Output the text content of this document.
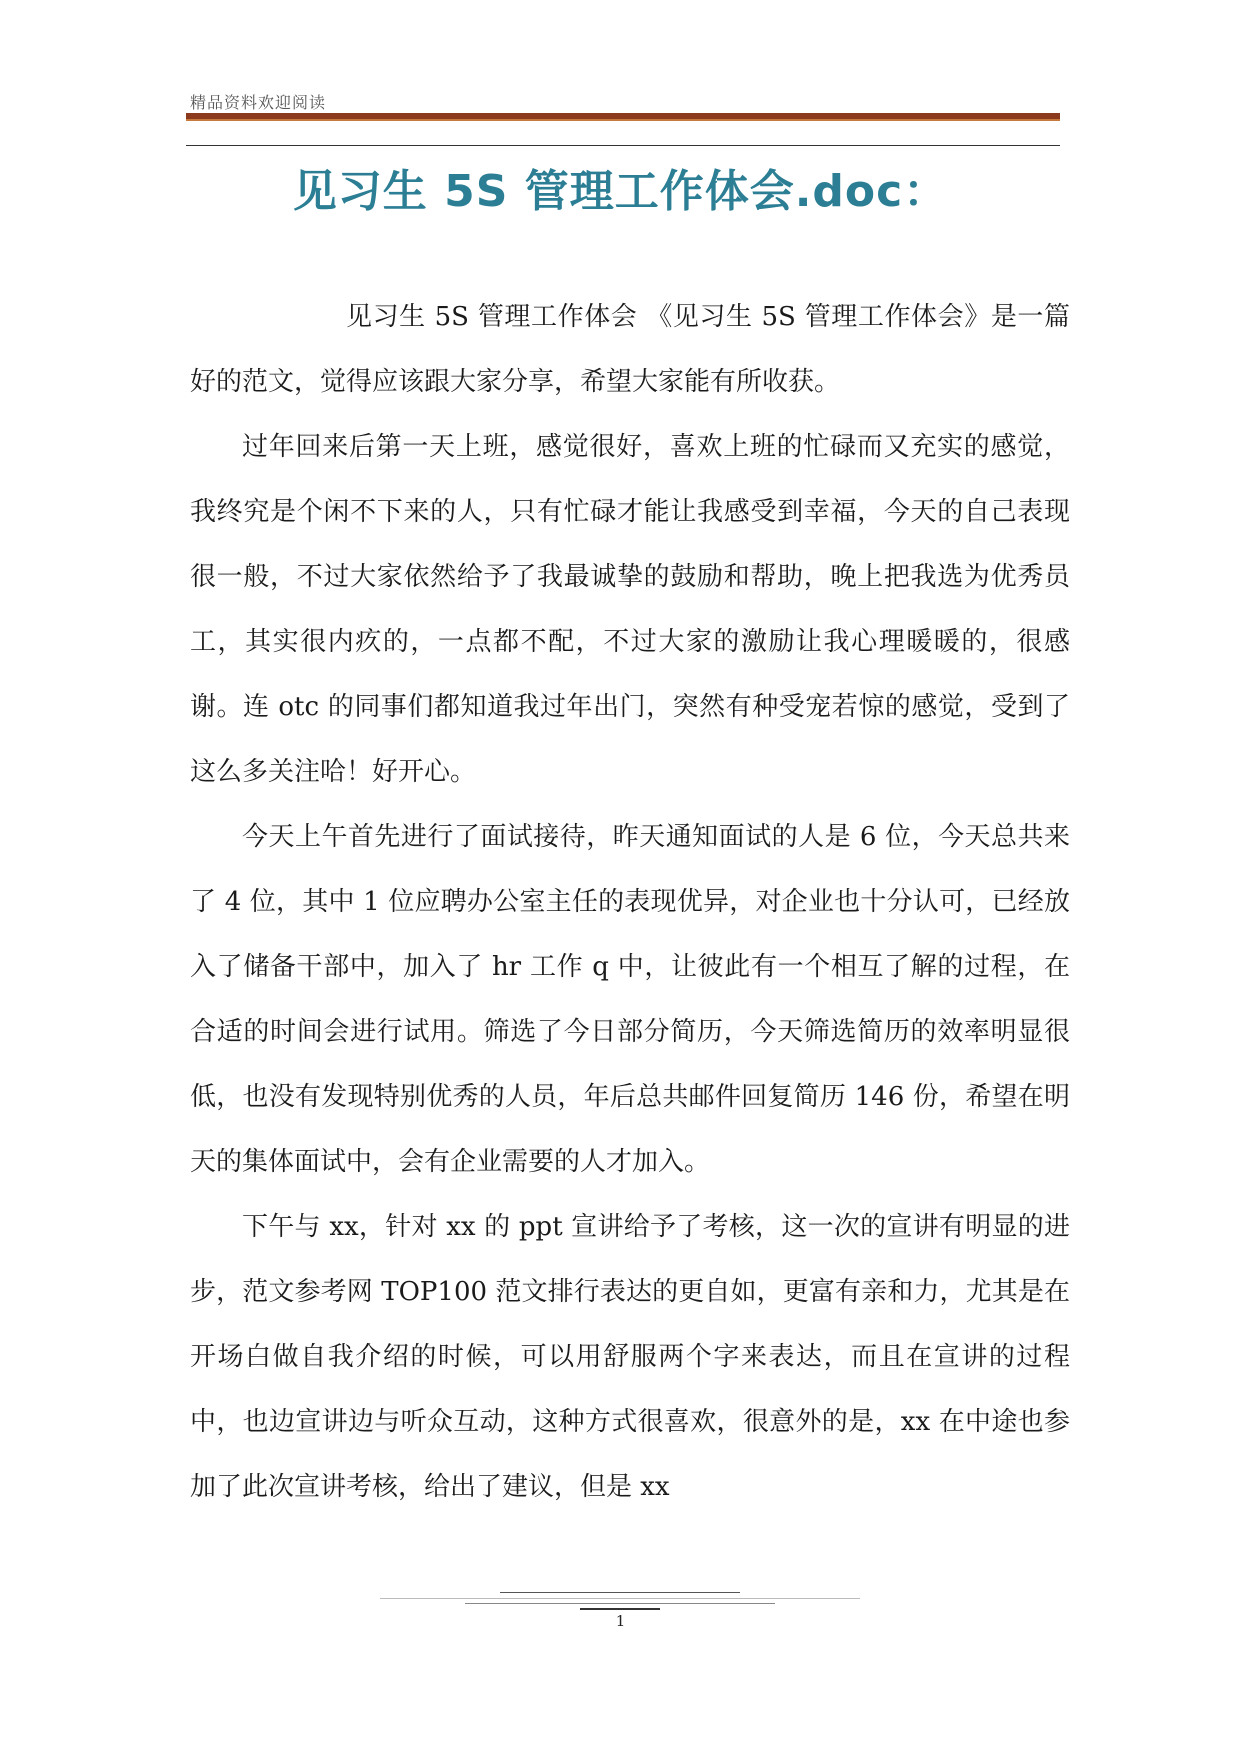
精品资料欢迎阅读
见习生 5S 管理工作体会.doc：

见习生 5S 管理工作体会 《见习生 5S 管理工作体会》是一篇好的范文，觉得应该跟大家分享，希望大家能有所收获。

过年回来后第一天上班，感觉很好，喜欢上班的忙碌而又充实的感觉，我终究是个闲不下来的人，只有忙碌才能让我感受到幸福，今天的自己表现很一般，不过大家依然给予了我最诚挚的鼓励和帮助，晚上把我选为优秀员工，其实很内疚的，一点都不配，不过大家的激励让我心理暖暖的，很感谢。连 otc 的同事们都知道我过年出门，突然有种受宠若惊的感觉，受到了这么多关注哈！好开心。

今天上午首先进行了面试接待，昨天通知面试的人是 6 位，今天总共来了 4 位，其中 1 位应聘办公室主任的表现优异，对企业也十分认可，已经放入了储备干部中，加入了 hr 工作 q 中，让彼此有一个相互了解的过程，在合适的时间会进行试用。筛选了今日部分简历，今天筛选简历的效率明显很低，也没有发现特别优秀的人员，年后总共邮件回复简历 146 份，希望在明天的集体面试中，会有企业需要的人才加入。

下午与 xx，针对 xx 的 ppt 宣讲给予了考核，这一次的宣讲有明显的进步，范文参考网 TOP100 范文排行表达的更自如，更富有亲和力，尤其是在开场白做自我介绍的时候，可以用舒服两个字来表达，而且在宣讲的过程中，也边宣讲边与听众互动，这种方式很喜欢，很意外的是，xx 在中途也参加了此次宣讲考核，给出了建议，但是 xx

1
